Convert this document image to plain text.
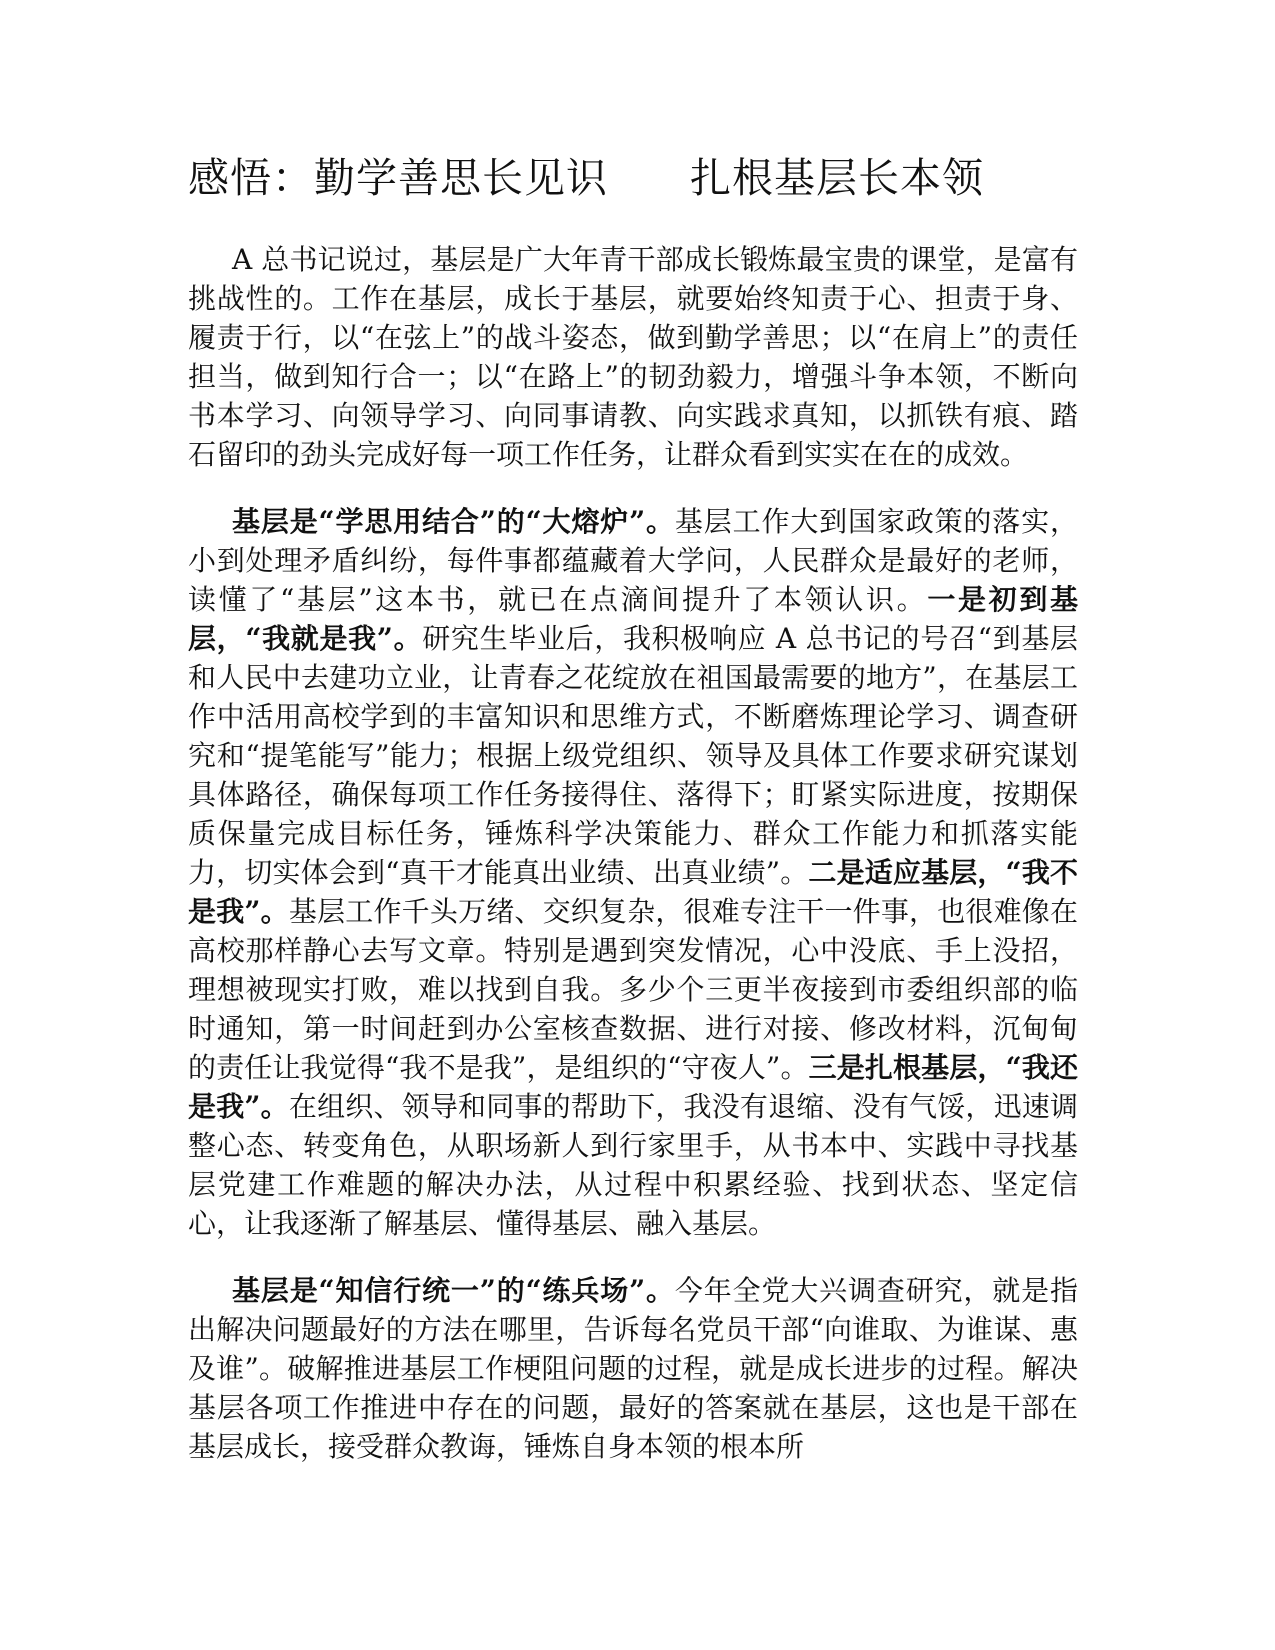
感悟：勤学善思长见识 扎根基层长本领

A 总书记说过，基层是广大年青干部成长锻炼最宝贵的课堂，是富有挑战性的。工作在基层，成长于基层，就要始终知责于心、担责于身、履责于行，以“在弦上”的战斗姿态，做到勤学善思；以“在肩上”的责任担当，做到知行合一；以“在路上”的韧劲毅力，增强斗争本领，不断向书本学习、向领导学习、向同事请教、向实践求真知，以抓铁有痕、踏石留印的劲头完成好每一项工作任务，让群众看到实实在在的成效。

基层是“学思用结合”的“大熔炉”。基层工作大到国家政策的落实，小到处理矛盾纠纷，每件事都蕴藏着大学问，人民群众是最好的老师，读懂了“基层”这本书，就已在点滴间提升了本领认识。一是初到基层，“我就是我”。研究生毕业后，我积极响应 A 总书记的号召“到基层和人民中去建功立业，让青春之花绽放在祖国最需要的地方”，在基层工作中活用高校学到的丰富知识和思维方式，不断磨炼理论学习、调查研究和“提笔能写”能力；根据上级党组织、领导及具体工作要求研究谋划具体路径，确保每项工作任务接得住、落得下；盯紧实际进度，按期保质保量完成目标任务，锤炼科学决策能力、群众工作能力和抓落实能力，切实体会到“真干才能真出业绩、出真业绩”。二是适应基层，“我不是我”。基层工作千头万绪、交织复杂，很难专注干一件事，也很难像在高校那样静心去写文章。特别是遇到突发情况，心中没底、手上没招，理想被现实打败，难以找到自我。多少个三更半夜接到市委组织部的临时通知，第一时间赶到办公室核查数据、进行对接、修改材料，沉甸甸的责任让我觉得“我不是我”，是组织的“守夜人”。三是扎根基层，“我还是我”。在组织、领导和同事的帮助下，我没有退缩、没有气馁，迅速调整心态、转变角色，从职场新人到行家里手，从书本中、实践中寻找基层党建工作难题的解决办法，从过程中积累经验、找到状态、坚定信心，让我逐渐了解基层、懂得基层、融入基层。

基层是“知信行统一”的“练兵场”。今年全党大兴调查研究，就是指出解决问题最好的方法在哪里，告诉每名党员干部“向谁取、为谁谋、惠及谁”。破解推进基层工作梗阻问题的过程，就是成长进步的过程。解决基层各项工作推进中存在的问题，最好的答案就在基层，这也是干部在基层成长，接受群众教诲，锤炼自身本领的根本所
